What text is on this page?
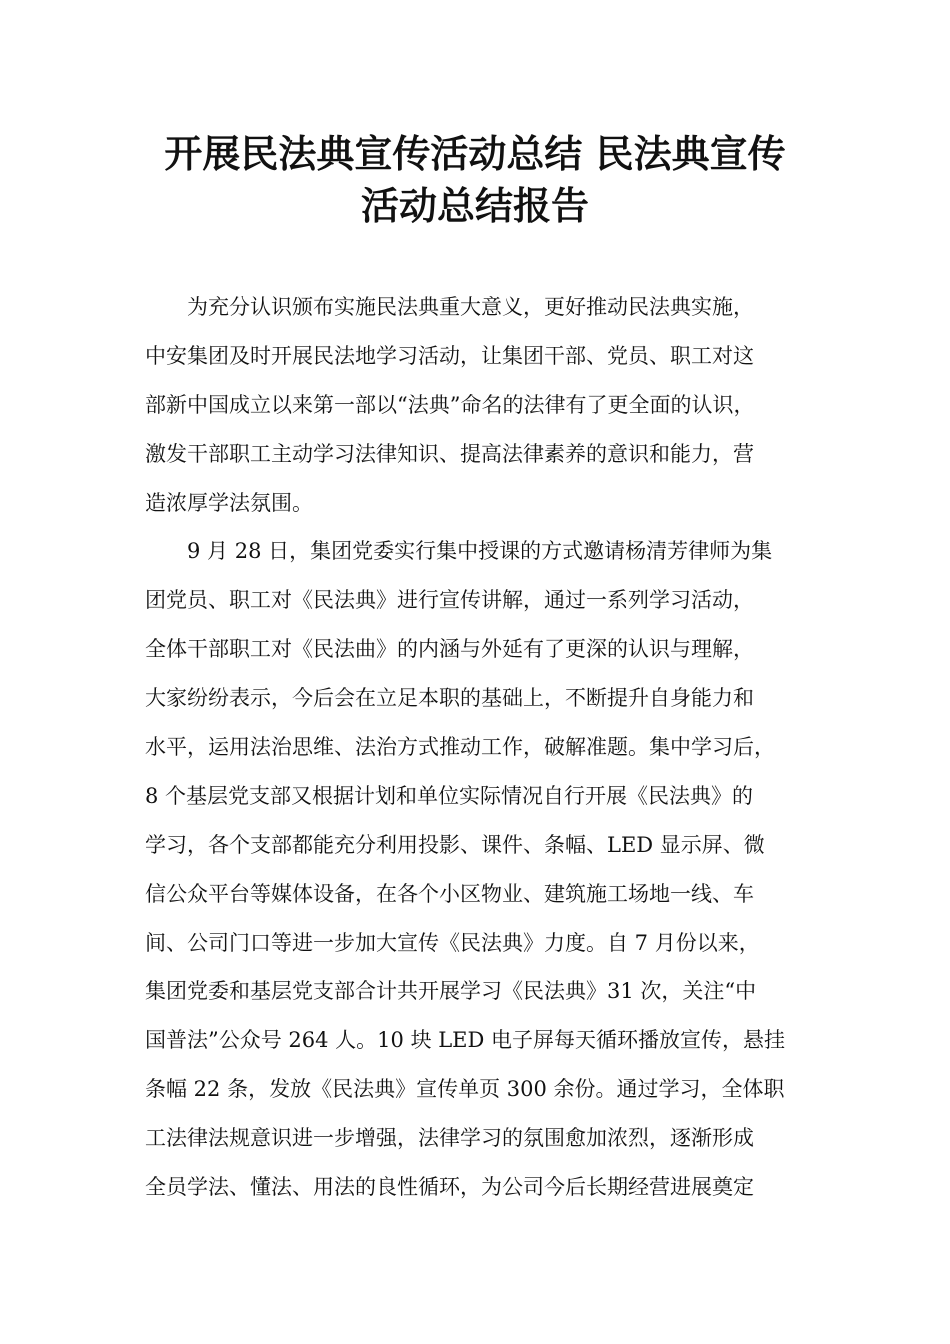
开展民法典宣传活动总结 民法典宣传
活动总结报告
为充分认识颁布实施民法典重大意义，更好推动民法典实施，
中安集团及时开展民法地学习活动，让集团干部、党员、职工对这
部新中国成立以来第一部以“法典”命名的法律有了更全面的认识，
激发干部职工主动学习法律知识、提高法律素养的意识和能力，营
造浓厚学法氛围。
9 月 28 日，集团党委实行集中授课的方式邀请杨清芳律师为集
团党员、职工对《民法典》进行宣传讲解，通过一系列学习活动，
全体干部职工对《民法曲》的内涵与外延有了更深的认识与理解，
大家纷纷表示，今后会在立足本职的基础上，不断提升自身能力和
水平，运用法治思维、法治方式推动工作，破解准题。集中学习后，
8 个基层党支部又根据计划和单位实际情况自行开展《民法典》的
学习，各个支部都能充分利用投影、课件、条幅、LED 显示屏、微
信公众平台等媒体设备，在各个小区物业、建筑施工场地一线、车
间、公司门口等进一步加大宣传《民法典》力度。自 7 月份以来，
集团党委和基层党支部合计共开展学习《民法典》31 次，关注“中
国普法”公众号 264 人。10 块 LED 电子屏每天循环播放宣传，悬挂
条幅 22 条，发放《民法典》宣传单页 300 余份。通过学习，全体职
工法律法规意识进一步增强，法律学习的氛围愈加浓烈，逐渐形成
全员学法、懂法、用法的良性循环，为公司今后长期经营进展奠定
